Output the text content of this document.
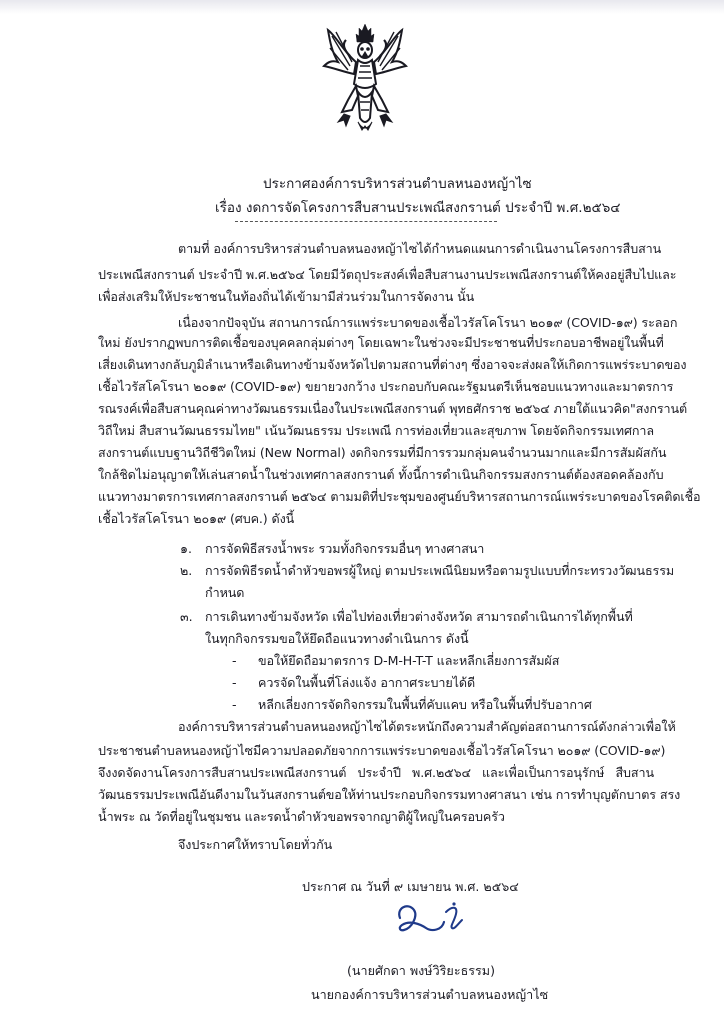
ประกาศองค์การบริหารส่วนตำบลหนองหญ้าไซ
เรื่อง งดการจัดโครงการสืบสานประเพณีสงกรานต์ ประจำปี พ.ศ.๒๕๖๔
ตามที่ องค์การบริหารส่วนตำบลหนองหญ้าไซได้กำหนดแผนการดำเนินงานโครงการสืบสาน
ประเพณีสงกรานต์ ประจำปี พ.ศ.๒๕๖๔ โดยมีวัตถุประสงค์เพื่อสืบสานงานประเพณีสงกรานต์ให้คงอยู่สืบไปและ
เพื่อส่งเสริมให้ประชาชนในท้องถิ่นได้เข้ามามีส่วนร่วมในการจัดงาน นั้น
เนื่องจากปัจจุบัน สถานการณ์การแพร่ระบาดของเชื้อไวรัสโคโรนา ๒๐๑๙ (COVID-๑๙) ระลอก
ใหม่ ยังปรากฏพบการติดเชื้อของบุคคลกลุ่มต่างๆ โดยเฉพาะในช่วงจะมีประชาชนที่ประกอบอาชีพอยู่ในพื้นที่
เสี่ยงเดินทางกลับภูมิลำเนาหรือเดินทางข้ามจังหวัดไปตามสถานที่ต่างๆ ซึ่งอาจจะส่งผลให้เกิดการแพร่ระบาดของ
เชื้อไวรัสโคโรนา ๒๐๑๙ (COVID-๑๙) ขยายวงกว้าง ประกอบกับคณะรัฐมนตรีเห็นชอบแนวทางและมาตรการ
รณรงค์เพื่อสืบสานคุณค่าทางวัฒนธรรมเนื่องในประเพณีสงกรานต์ พุทธศักราช ๒๕๖๔ ภายใต้แนวคิด"สงกรานต์
วิถีใหม่ สืบสานวัฒนธรรมไทย" เน้นวัฒนธรรม ประเพณี การท่องเที่ยวและสุขภาพ โดยจัดกิจกรรมเทศกาล
สงกรานต์แบบฐานวิถีชีวิตใหม่ (New Normal) งดกิจกรรมที่มีการรวมกลุ่มคนจำนวนมากและมีการสัมผัสกัน
ใกล้ชิดไม่อนุญาตให้เล่นสาดน้ำในช่วงเทศกาลสงกรานต์ ทั้งนี้การดำเนินกิจกรรมสงกรานต์ต้องสอดคล้องกับ
แนวทางมาตรการเทศกาลสงกรานต์ ๒๕๖๔ ตามมติที่ประชุมของศูนย์บริหารสถานการณ์แพร่ระบาดของโรคติดเชื้อ
เชื้อไวรัสโคโรนา ๒๐๑๙ (ศบค.) ดังนี้
๑. การจัดพิธีสรงน้ำพระ รวมทั้งกิจกรรมอื่นๆ ทางศาสนา
๒. การจัดพิธีรดน้ำดำหัวขอพรผู้ใหญ่ ตามประเพณีนิยมหรือตามรูปแบบที่กระทรวงวัฒนธรรม
กำหนด
๓. การเดินทางข้ามจังหวัด เพื่อไปท่องเที่ยวต่างจังหวัด สามารถดำเนินการได้ทุกพื้นที่
ในทุกกิจกรรมขอให้ยึดถือแนวทางดำเนินการ ดังนี้
- ขอให้ยึดถือมาตรการ D-M-H-T-T และหลีกเลี่ยงการสัมผัส
- ควรจัดในพื้นที่โล่งแจ้ง อากาศระบายได้ดี
- หลีกเลี่ยงการจัดกิจกรรมในพื้นที่คับแคบ หรือในพื้นที่ปรับอากาศ
องค์การบริหารส่วนตำบลหนองหญ้าไซได้ตระหนักถึงความสำคัญต่อสถานการณ์ดังกล่าวเพื่อให้
ประชาชนตำบลหนองหญ้าไซมีความปลอดภัยจากการแพร่ระบาดของเชื้อไวรัสโคโรนา ๒๐๑๙ (COVID-๑๙)
จึงงดจัดงานโครงการสืบสานประเพณีสงกรานต์ ประจำปี พ.ศ.๒๕๖๔ และเพื่อเป็นการอนุรักษ์ สืบสาน
วัฒนธรรมประเพณีอันดีงามในวันสงกรานต์ขอให้ท่านประกอบกิจกรรมทางศาสนา เช่น การทำบุญตักบาตร สรง
น้ำพระ ณ วัดที่อยู่ในชุมชน และรดน้ำดำหัวขอพรจากญาติผู้ใหญ่ในครอบครัว
จึงประกาศให้ทราบโดยทั่วกัน
ประกาศ ณ วันที่ ๙ เมษายน พ.ศ. ๒๕๖๔
(นายศักดา พงษ์วิริยะธรรม)
นายกองค์การบริหารส่วนตำบลหนองหญ้าไซ
